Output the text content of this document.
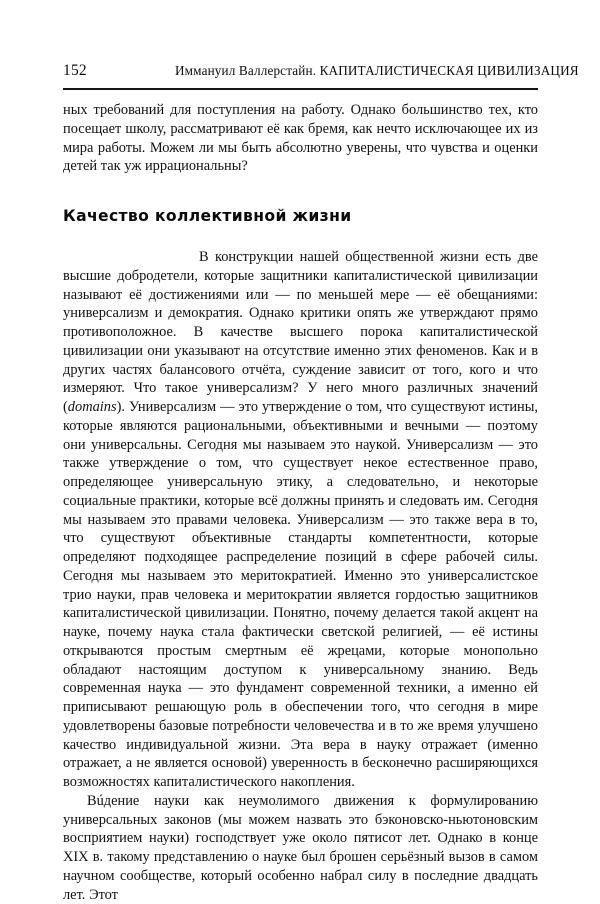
152	Иммануил Валлерстайн. КАПИТАЛИСТИЧЕСКАЯ ЦИВИЛИЗАЦИЯ

ных требований для поступления на работу. Однако большинство тех, кто посещает школу, рассматривают её как бремя, как нечто исключающее их из мира работы. Можем ли мы быть абсолютно уверены, что чувства и оценки детей так уж иррациональны?

Качество коллективной жизни

В конструкции нашей общественной жизни есть две высшие добродетели, которые защитники капиталистической цивилизации называют её достижениями или — по меньшей мере — её обещаниями: универсализм и демократия. Однако критики опять же утверждают прямо противоположное. В качестве высшего порока капиталистической цивилизации они указывают на отсутствие именно этих феноменов. Как и в других частях балансового отчёта, суждение зависит от того, кого и что измеряют. Что такое универсализм? У него много различных значений (domains). Универсализм — это утверждение о том, что существуют истины, которые являются рациональными, объективными и вечными — поэтому они универсальны. Сегодня мы называем это наукой. Универсализм — это также утверждение о том, что существует некое естественное право, определяющее универсальную этику, а следовательно, и некоторые социальные практики, которые всё должны принять и следовать им. Сегодня мы называем это правами человека. Универсализм — это также вера в то, что существуют объективные стандарты компетентности, которые определяют подходящее распределение позиций в сфере рабочей силы. Сегодня мы называем это меритократией. Именно это универсалистское трио науки, прав человека и меритократии является гордостью защитников капиталистической цивилизации. Понятно, почему делается такой акцент на науке, почему наука стала фактически светской религией, — её истины открываются простым смертным её жрецами, которые монопольно обладают настоящим доступом к универсальному знанию. Ведь современная наука — это фундамент современной техники, а именно ей приписывают решающую роль в обеспечении того, что сегодня в мире удовлетворены базовые потребности человечества и в то же время улучшено качество индивидуальной жизни. Эта вера в науку отражает (именно отражает, а не является основой) уверенность в бесконечно расширяющихся возможностях капиталистического накопления.

Вúдение науки как неумолимого движения к формулированию универсальных законов (мы можем назвать это бэконовско-ньютоновским восприятием науки) господствует уже около пятисот лет. Однако в конце XIX в. такому представлению о науке был брошен серьёзный вызов в самом научном сообществе, который особенно набрал силу в последние двадцать лет. Этот
